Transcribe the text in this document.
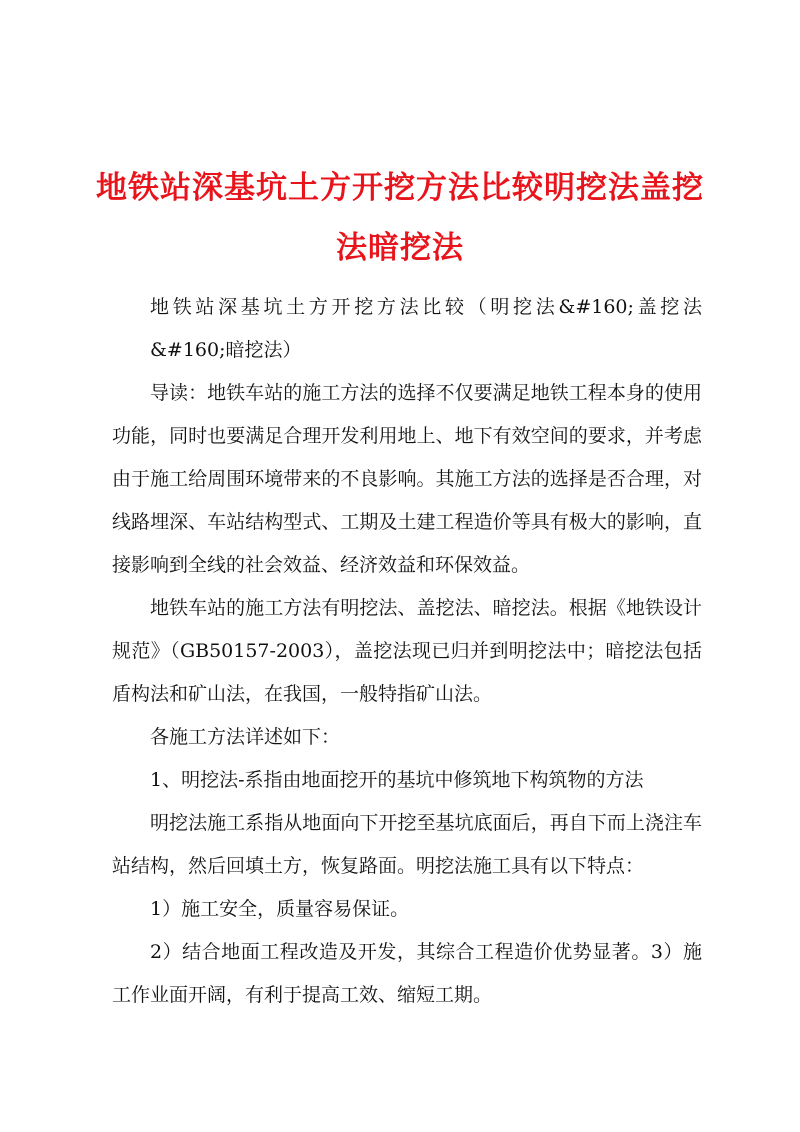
地铁站深基坑土方开挖方法比较明挖法盖挖法暗挖法

地铁站深基坑土方开挖方法比较（明挖法&#160;盖挖法 &#160;暗挖法）

导读：地铁车站的施工方法的选择不仅要满足地铁工程本身的使用功能，同时也要满足合理开发利用地上、地下有效空间的要求，并考虑由于施工给周围环境带来的不良影响。其施工方法的选择是否合理，对线路埋深、车站结构型式、工期及土建工程造价等具有极大的影响，直接影响到全线的社会效益、经济效益和环保效益。

地铁车站的施工方法有明挖法、盖挖法、暗挖法。根据《地铁设计规范》（GB50157-2003），盖挖法现已归并到明挖法中；暗挖法包括盾构法和矿山法，在我国，一般特指矿山法。

各施工方法详述如下：

1、明挖法-系指由地面挖开的基坑中修筑地下构筑物的方法

明挖法施工系指从地面向下开挖至基坑底面后，再自下而上浇注车站结构，然后回填土方，恢复路面。明挖法施工具有以下特点：

1）施工安全，质量容易保证。

2）结合地面工程改造及开发，其综合工程造价优势显著。3）施工作业面开阔，有利于提高工效、缩短工期。
